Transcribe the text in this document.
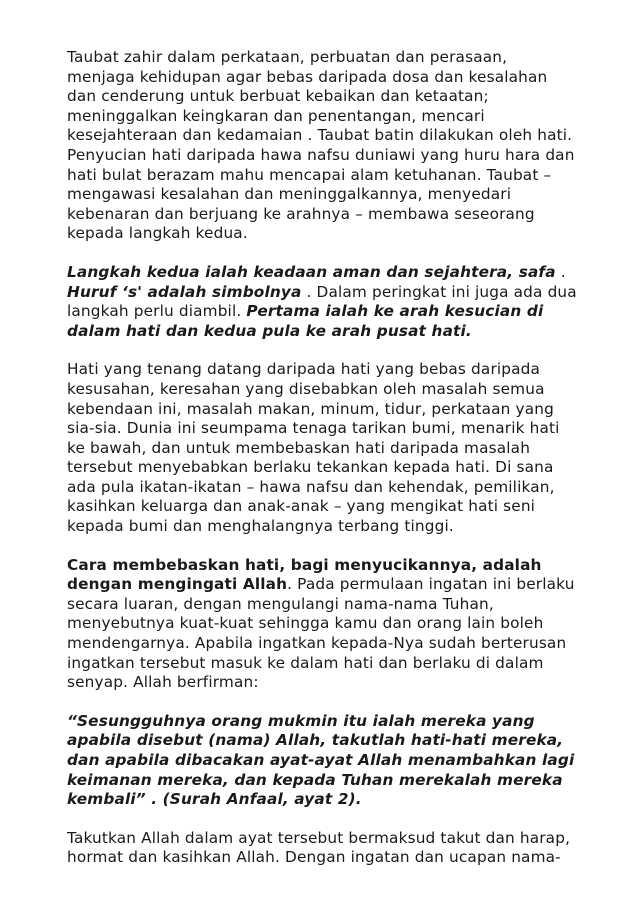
Taubat zahir dalam perkataan, perbuatan dan perasaan, menjaga kehidupan agar bebas daripada dosa dan kesalahan dan cenderung untuk berbuat kebaikan dan ketaatan; meninggalkan keingkaran dan penentangan, mencari kesejahteraan dan kedamaian . Taubat batin dilakukan oleh hati. Penyucian hati daripada hawa nafsu duniawi yang huru hara dan hati bulat berazam mahu mencapai alam ketuhanan. Taubat – mengawasi kesalahan dan meninggalkannya, menyedari kebenaran dan berjuang ke arahnya – membawa seseorang kepada langkah kedua.

Langkah kedua ialah keadaan aman dan sejahtera, safa . Huruf ‘s' adalah simbolnya . Dalam peringkat ini juga ada dua langkah perlu diambil. Pertama ialah ke arah kesucian di dalam hati dan kedua pula ke arah pusat hati.

Hati yang tenang datang daripada hati yang bebas daripada kesusahan, keresahan yang disebabkan oleh masalah semua kebendaan ini, masalah makan, minum, tidur, perkataan yang sia-sia. Dunia ini seumpama tenaga tarikan bumi, menarik hati ke bawah, dan untuk membebaskan hati daripada masalah tersebut menyebabkan berlaku tekankan kepada hati. Di sana ada pula ikatan-ikatan – hawa nafsu dan kehendak, pemilikan, kasihkan keluarga dan anak-anak – yang mengikat hati seni kepada bumi dan menghalangnya terbang tinggi.

Cara membebaskan hati, bagi menyucikannya, adalah dengan mengingati Allah. Pada permulaan ingatan ini berlaku secara luaran, dengan mengulangi nama-nama Tuhan, menyebutnya kuat-kuat sehingga kamu dan orang lain boleh mendengarnya. Apabila ingatkan kepada-Nya sudah berterusan ingatkan tersebut masuk ke dalam hati dan berlaku di dalam senyap. Allah berfirman:

“Sesungguhnya orang mukmin itu ialah mereka yang apabila disebut (nama) Allah, takutlah hati-hati mereka, dan apabila dibacakan ayat-ayat Allah menambahkan lagi keimanan mereka, dan kepada Tuhan merekalah mereka kembali” . (Surah Anfaal, ayat 2).

Takutkan Allah dalam ayat tersebut bermaksud takut dan harap, hormat dan kasihkan Allah. Dengan ingatan dan ucapan nama-
